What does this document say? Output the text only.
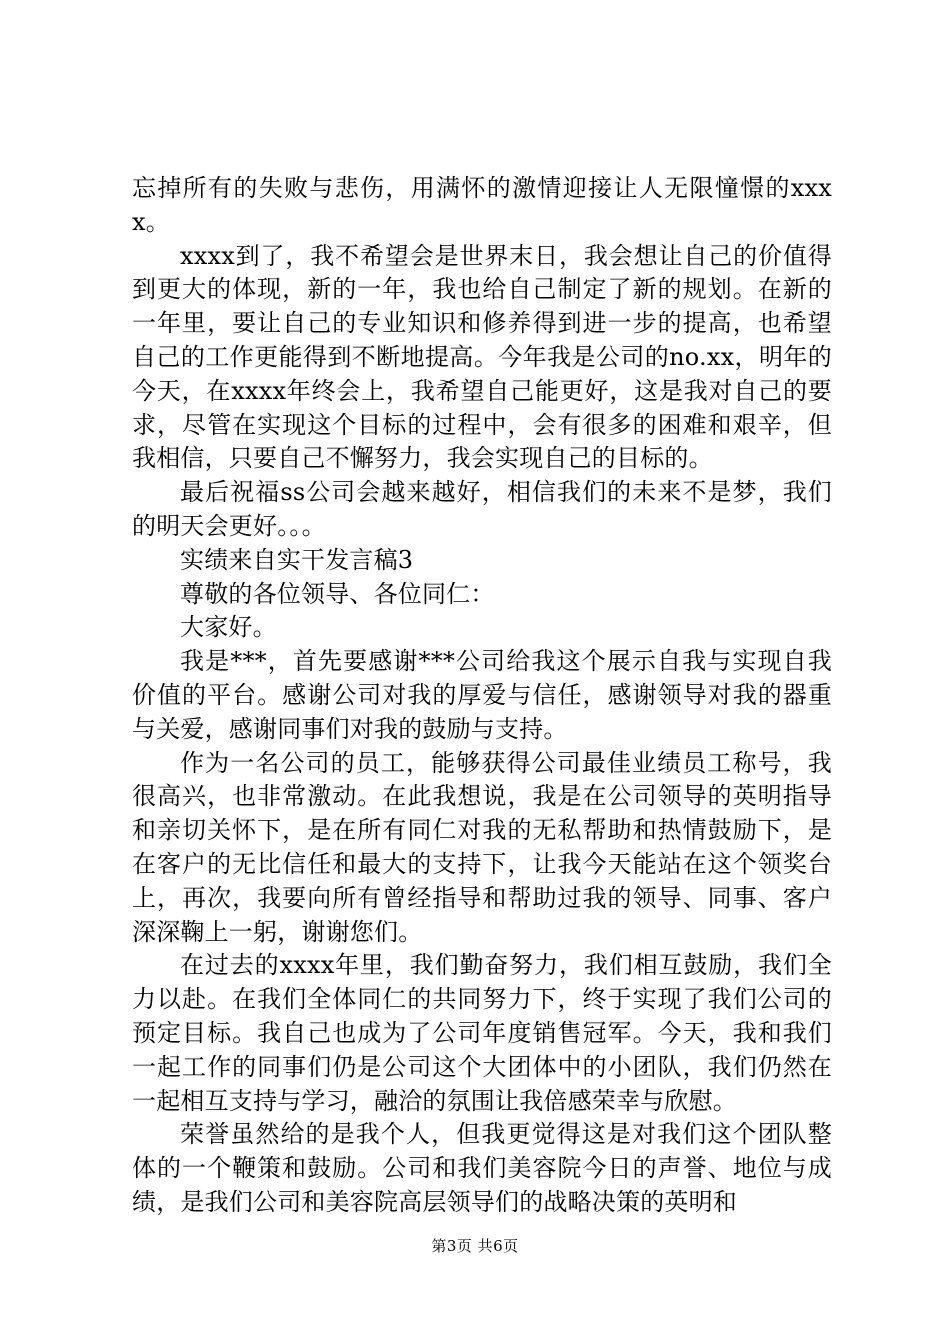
忘掉所有的失败与悲伤，用满怀的激情迎接让人无限憧憬的xxxx。

xxxx到了，我不希望会是世界末日，我会想让自己的价值得到更大的体现，新的一年，我也给自己制定了新的规划。在新的一年里，要让自己的专业知识和修养得到进一步的提高，也希望自己的工作更能得到不断地提高。今年我是公司的no.xx，明年的今天，在xxxx年终会上，我希望自己能更好，这是我对自己的要求，尽管在实现这个目标的过程中，会有很多的困难和艰辛，但我相信，只要自己不懈努力，我会实现自己的目标的。

最后祝福ss公司会越来越好，相信我们的未来不是梦，我们的明天会更好。。。

实绩来自实干发言稿3

尊敬的各位领导、各位同仁：

大家好。

我是***，首先要感谢***公司给我这个展示自我与实现自我价值的平台。感谢公司对我的厚爱与信任，感谢领导对我的器重与关爱，感谢同事们对我的鼓励与支持。

作为一名公司的员工，能够获得公司最佳业绩员工称号，我很高兴，也非常激动。在此我想说，我是在公司领导的英明指导和亲切关怀下，是在所有同仁对我的无私帮助和热情鼓励下，是在客户的无比信任和最大的支持下，让我今天能站在这个领奖台上，再次，我要向所有曾经指导和帮助过我的领导、同事、客户深深鞠上一躬，谢谢您们。

在过去的xxxx年里，我们勤奋努力，我们相互鼓励，我们全力以赴。在我们全体同仁的共同努力下，终于实现了我们公司的预定目标。我自己也成为了公司年度销售冠军。今天，我和我们一起工作的同事们仍是公司这个大团体中的小团队，我们仍然在一起相互支持与学习，融洽的氛围让我倍感荣幸与欣慰。

荣誉虽然给的是我个人，但我更觉得这是对我们这个团队整体的一个鞭策和鼓励。公司和我们美容院今日的声誉、地位与成绩，是我们公司和美容院高层领导们的战略决策的英明和

第3页 共6页
